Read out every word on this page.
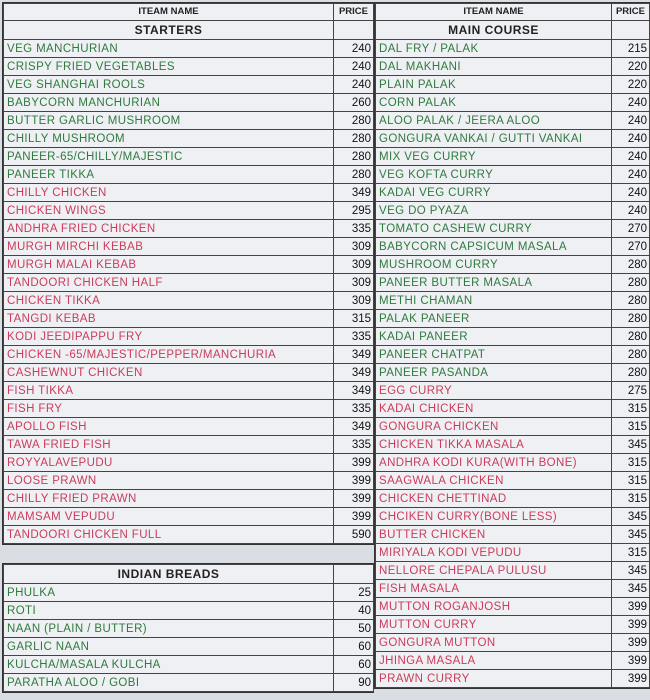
ITEAM NAME	PRICE
STARTERS	
VEG MANCHURIAN	240
CRISPY FRIED VEGETABLES	240
VEG SHANGHAI ROOLS	240
BABYCORN MANCHURIAN	260
BUTTER GARLIC MUSHROOM	280
CHILLY MUSHROOM	280
PANEER-65/CHILLY/MAJESTIC	280
PANEER TIKKA	280
CHILLY CHICKEN	349
CHICKEN WINGS	295
ANDHRA FRIED CHICKEN	335
MURGH MIRCHI KEBAB	309
MURGH MALAI KEBAB	309
TANDOORI CHICKEN HALF	309
CHICKEN TIKKA	309
TANGDI KEBAB	315
KODI JEEDIPAPPU FRY	335
CHICKEN -65/MAJESTIC/PEPPER/MANCHURIA	349
CASHEWNUT CHICKEN	349
FISH TIKKA	349
FISH FRY	335
APOLLO FISH	349
TAWA FRIED FISH	335
ROYYALAVEPUDU	399
LOOSE PRAWN	399
CHILLY FRIED PRAWN	399
MAMSAM VEPUDU	399
TANDOORI CHICKEN FULL	590
INDIAN BREADS	
PHULKA	25
ROTI	40
NAAN (PLAIN / BUTTER)	50
GARLIC NAAN	60
KULCHA/MASALA KULCHA	60
PARATHA ALOO / GOBI	90
ITEAM NAME	PRICE
MAIN COURSE	
DAL FRY / PALAK	215
DAL MAKHANI	220
PLAIN PALAK	220
CORN PALAK	240
ALOO PALAK / JEERA ALOO	240
GONGURA VANKAI / GUTTI VANKAI	240
MIX VEG CURRY	240
VEG KOFTA CURRY	240
KADAI VEG CURRY	240
VEG DO PYAZA	240
TOMATO CASHEW CURRY	270
BABYCORN CAPSICUM MASALA	270
MUSHROOM CURRY	280
PANEER BUTTER MASALA	280
METHI CHAMAN	280
PALAK PANEER	280
KADAI PANEER	280
PANEER CHATPAT	280
PANEER PASANDA	280
EGG CURRY	275
KADAI CHICKEN	315
GONGURA CHICKEN	315
CHICKEN TIKKA MASALA	345
ANDHRA KODI KURA(WITH BONE)	315
SAAGWALA CHICKEN	315
CHICKEN CHETTINAD	315
CHCIKEN CURRY(BONE LESS)	345
BUTTER CHICKEN	345
MIRIYALA KODI VEPUDU	315
NELLORE CHEPALA PULUSU	345
FISH MASALA	345
MUTTON ROGANJOSH	399
MUTTON CURRY	399
GONGURA MUTTON	399
JHINGA MASALA	399
PRAWN CURRY	399
